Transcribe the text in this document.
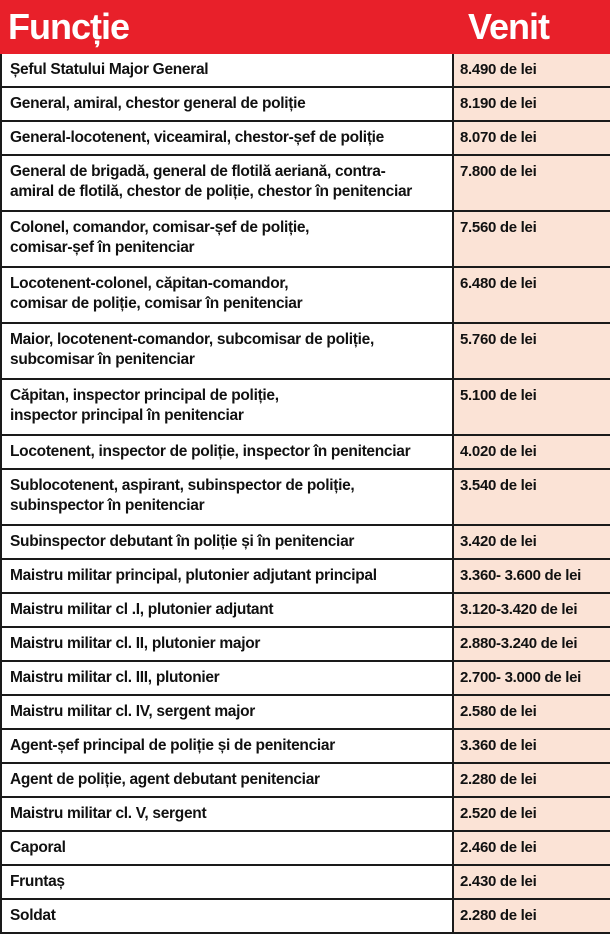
Funcție	Venit

Șeful Statului Major General	8.490 de lei

General, amiral, chestor general de poliție	8.190 de lei

General-locotenent, viceamiral, chestor-șef de poliție	8.070 de lei

General de brigadă, general de flotilă aeriană, contra-
amiral de flotilă, chestor de poliție, chestor în penitenciar	7.800 de lei

Colonel, comandor, comisar-șef de poliție,
comisar-șef în penitenciar	7.560 de lei

Locotenent-colonel, căpitan-comandor,
comisar de poliție, comisar în penitenciar	6.480 de lei

Maior, locotenent-comandor, subcomisar de poliție,
subcomisar în penitenciar	5.760 de lei

Căpitan, inspector principal de poliție,
inspector principal în penitenciar	5.100 de lei

Locotenent, inspector de poliție, inspector în penitenciar	4.020 de lei

Sublocotenent, aspirant, subinspector de poliție,
subinspector în penitenciar	3.540 de lei

Subinspector debutant în poliție și în penitenciar	3.420 de lei

Maistru militar principal, plutonier adjutant principal	3.360- 3.600 de lei

Maistru militar cl .I, plutonier adjutant	3.120-3.420 de lei

Maistru militar cl. II, plutonier major	2.880-3.240 de lei

Maistru militar cl. III, plutonier	2.700- 3.000 de lei

Maistru militar cl. IV, sergent major	2.580 de lei

Agent-șef principal de poliție și de penitenciar	3.360 de lei

Agent de poliție, agent debutant penitenciar	2.280 de lei

Maistru militar cl. V, sergent	2.520 de lei

Caporal	2.460 de lei

Fruntaș	2.430 de lei

Soldat	2.280 de lei
